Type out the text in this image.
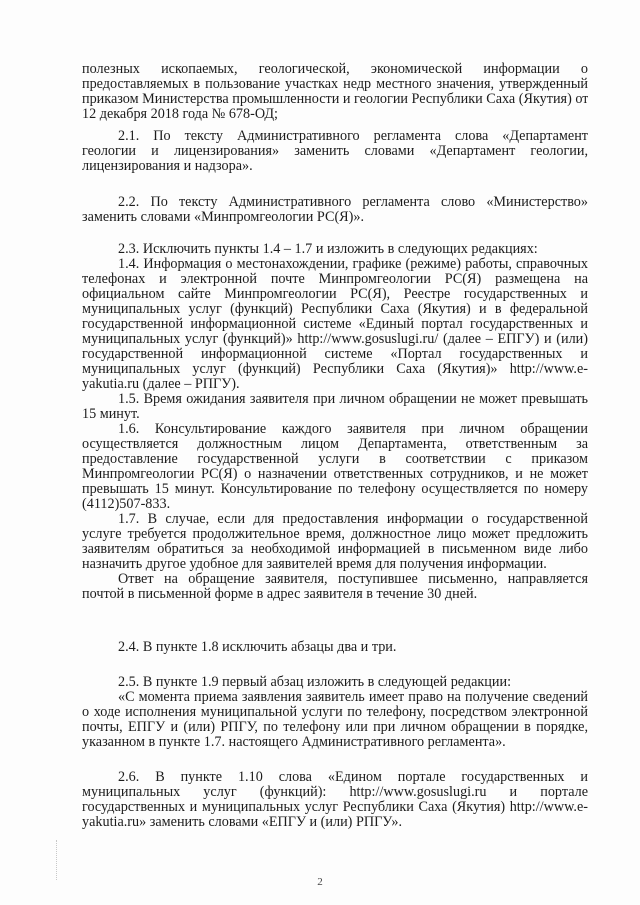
полезных ископаемых, геологической, экономической информации о
предоставляемых в пользование участках недр местного значения, утвержденный
приказом Министерства промышленности и геологии Республики Саха (Якутия) от
12 декабря 2018 года № 678-ОД;
2.1. По тексту Административного регламента слова «Департамент
геологии и лицензирования» заменить словами «Департамент геологии,
лицензирования и надзора».
2.2. По тексту Административного регламента слово «Министерство»
заменить словами «Минпромгеологии РС(Я)».
2.3. Исключить пункты 1.4 – 1.7 и изложить в следующих редакциях:
1.4. Информация о местонахождении, графике (режиме) работы, справочных
телефонах и электронной почте Минпромгеологии РС(Я) размещена на
официальном сайте Минпромгеологии РС(Я), Реестре государственных и
муниципальных услуг (функций) Республики Саха (Якутия) и в федеральной
государственной информационной системе «Единый портал государственных и
муниципальных услуг (функций)» http://www.gosuslugi.ru/ (далее – ЕПГУ) и (или)
государственной информационной системе «Портал государственных и
муниципальных услуг (функций) Республики Саха (Якутия)» http://www.e-
yakutia.ru (далее – РПГУ).
1.5. Время ожидания заявителя при личном обращении не может превышать
15 минут.
1.6. Консультирование каждого заявителя при личном обращении
осуществляется должностным лицом Департамента, ответственным за
предоставление государственной услуги в соответствии с приказом
Минпромгеологии РС(Я) о назначении ответственных сотрудников, и не может
превышать 15 минут. Консультирование по телефону осуществляется по номеру
(4112)507-833.
1.7. В случае, если для предоставления информации о государственной
услуге требуется продолжительное время, должностное лицо может предложить
заявителям обратиться за необходимой информацией в письменном виде либо
назначить другое удобное для заявителей время для получения информации.
Ответ на обращение заявителя, поступившее письменно, направляется
почтой в письменной форме в адрес заявителя в течение 30 дней.
2.4. В пункте 1.8 исключить абзацы два и три.
2.5. В пункте 1.9 первый абзац изложить в следующей редакции:
«С момента приема заявления заявитель имеет право на получение сведений
о ходе исполнения муниципальной услуги по телефону, посредством электронной
почты, ЕПГУ и (или) РПГУ, по телефону или при личном обращении в порядке,
указанном в пункте 1.7. настоящего Административного регламента».
2.6. В пункте 1.10 слова «Едином портале государственных и
муниципальных услуг (функций): http://www.gosuslugi.ru и портале
государственных и муниципальных услуг Республики Саха (Якутия) http://www.e-
yakutia.ru» заменить словами «ЕПГУ и (или) РПГУ».
2
